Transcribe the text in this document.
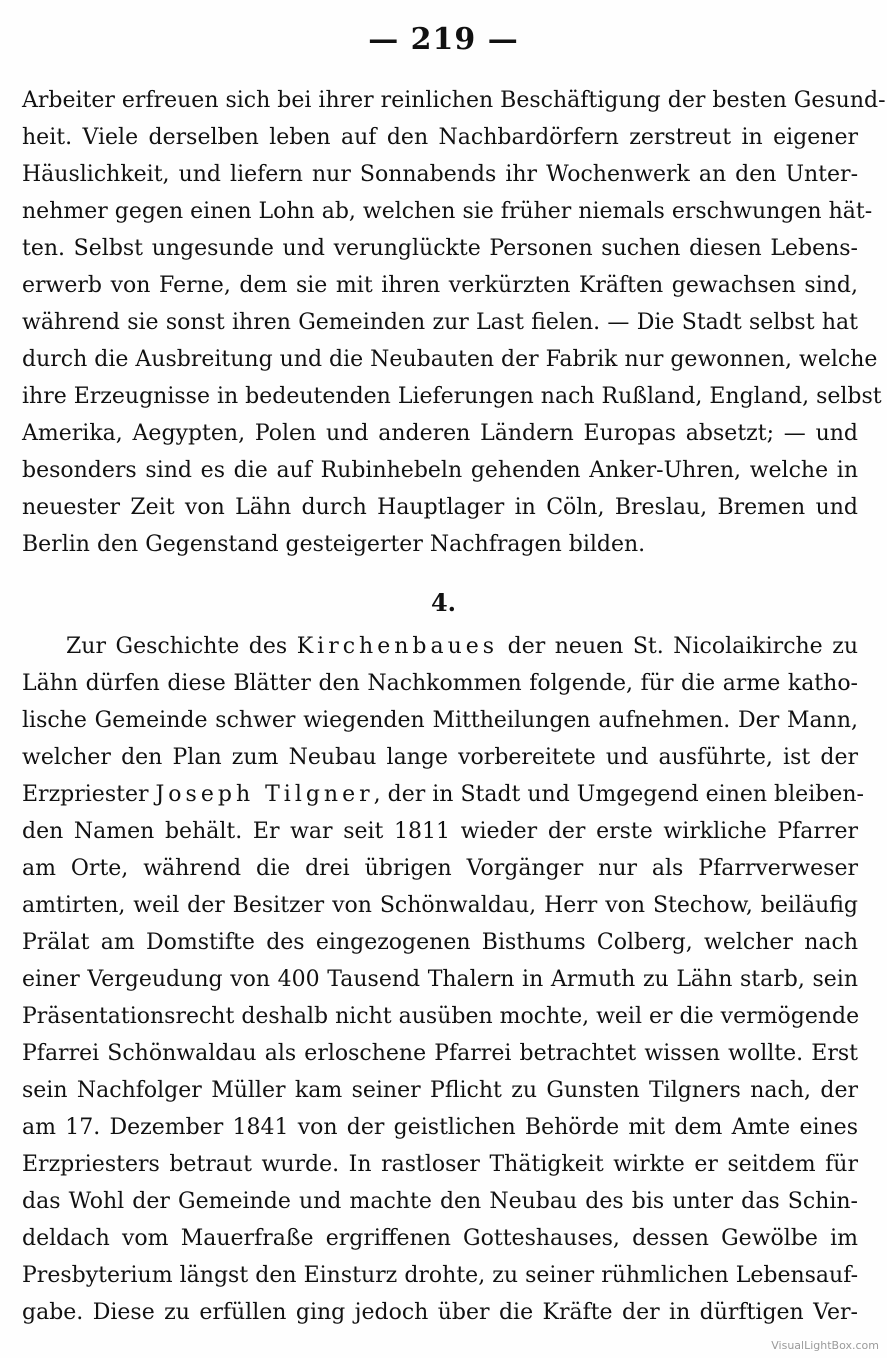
— 219 —
Arbeiter erfreuen sich bei ihrer reinlichen Beschäftigung der besten Gesund-
heit. Viele derselben leben auf den Nachbardörfern zerstreut in eigener
Häuslichkeit, und liefern nur Sonnabends ihr Wochenwerk an den Unter-
nehmer gegen einen Lohn ab, welchen sie früher niemals erschwungen hät-
ten. Selbst ungesunde und verunglückte Personen suchen diesen Lebens-
erwerb von Ferne, dem sie mit ihren verkürzten Kräften gewachsen sind,
während sie sonst ihren Gemeinden zur Last fielen. — Die Stadt selbst hat
durch die Ausbreitung und die Neubauten der Fabrik nur gewonnen, welche
ihre Erzeugnisse in bedeutenden Lieferungen nach Rußland, England, selbst
Amerika, Aegypten, Polen und anderen Ländern Europas absetzt; — und
besonders sind es die auf Rubinhebeln gehenden Anker-Uhren, welche in
neuester Zeit von Lähn durch Hauptlager in Cöln, Breslau, Bremen und
Berlin den Gegenstand gesteigerter Nachfragen bilden.
4.
Zur Geschichte des Kirchenbaues der neuen St. Nicolaikirche zu
Lähn dürfen diese Blätter den Nachkommen folgende, für die arme katho-
lische Gemeinde schwer wiegenden Mittheilungen aufnehmen. Der Mann,
welcher den Plan zum Neubau lange vorbereitete und ausführte, ist der
Erzpriester Joseph Tilgner, der in Stadt und Umgegend einen bleiben-
den Namen behält. Er war seit 1811 wieder der erste wirkliche Pfarrer
am Orte, während die drei übrigen Vorgänger nur als Pfarrverweser
amtirten, weil der Besitzer von Schönwaldau, Herr von Stechow, beiläufig
Prälat am Domstifte des eingezogenen Bisthums Colberg, welcher nach
einer Vergeudung von 400 Tausend Thalern in Armuth zu Lähn starb, sein
Präsentationsrecht deshalb nicht ausüben mochte, weil er die vermögende
Pfarrei Schönwaldau als erloschene Pfarrei betrachtet wissen wollte. Erst
sein Nachfolger Müller kam seiner Pflicht zu Gunsten Tilgners nach, der
am 17. Dezember 1841 von der geistlichen Behörde mit dem Amte eines
Erzpriesters betraut wurde. In rastloser Thätigkeit wirkte er seitdem für
das Wohl der Gemeinde und machte den Neubau des bis unter das Schin-
deldach vom Mauerfraße ergriffenen Gotteshauses, dessen Gewölbe im
Presbyterium längst den Einsturz drohte, zu seiner rühmlichen Lebensauf-
gabe. Diese zu erfüllen ging jedoch über die Kräfte der in dürftigen Ver-
VisualLightBox.com
